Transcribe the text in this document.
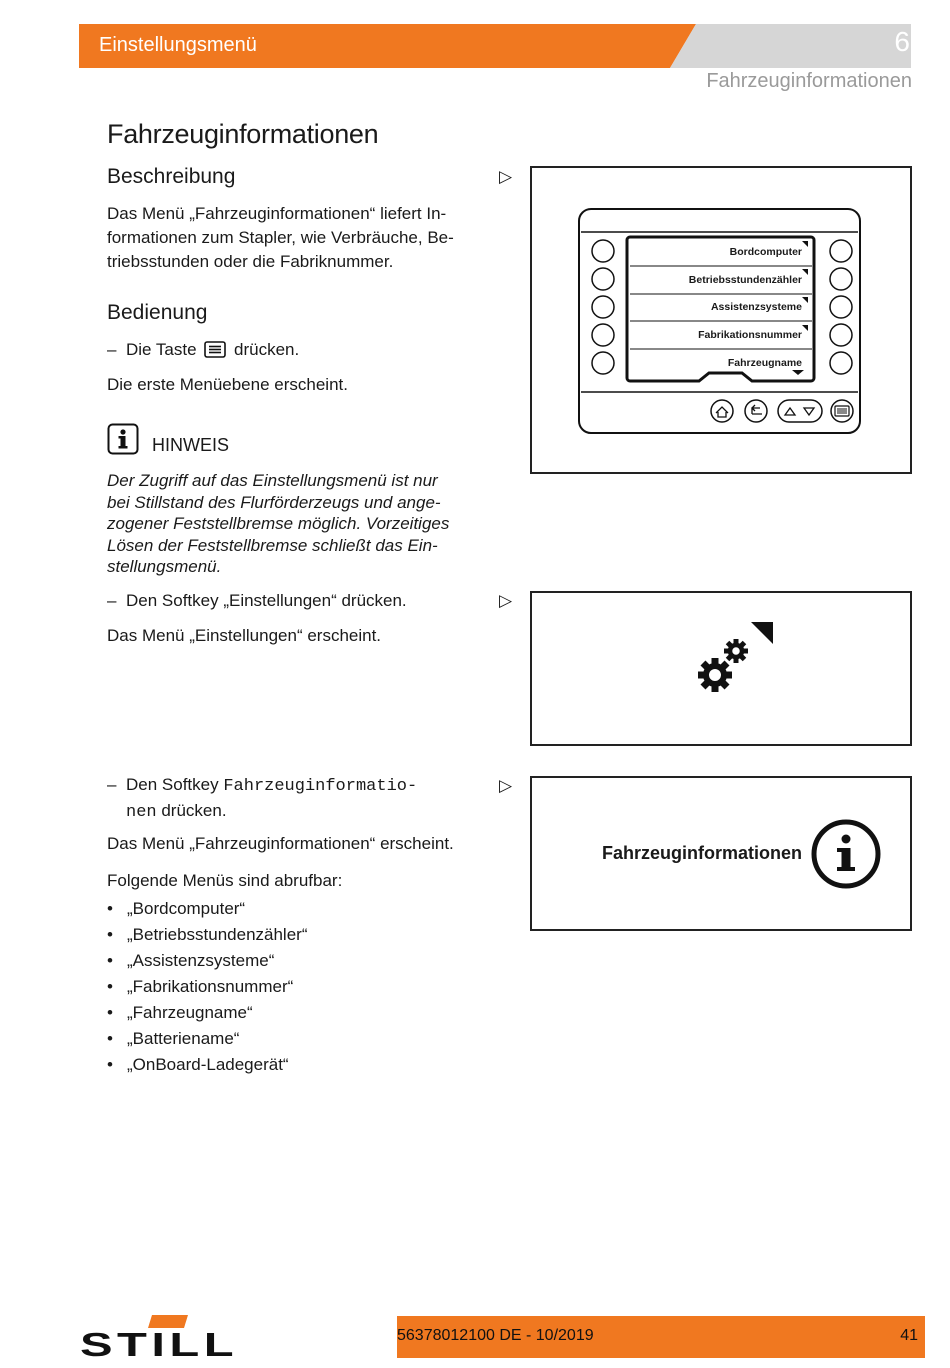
Einstellungsmenü	6
Fahrzeuginformationen
Fahrzeuginformationen
Beschreibung
Das Menü „Fahrzeuginformationen“ liefert In-
formationen zum Stapler, wie Verbräuche, Be-
triebsstunden oder die Fabriknummer.
Bedienung
– Die Taste drücken.
Die erste Menüebene erscheint.
HINWEIS
Der Zugriff auf das Einstellungsmenü ist nur
bei Stillstand des Flurförderzeugs und ange-
zogener Feststellbremse möglich. Vorzeitiges
Lösen der Feststellbremse schließt das Ein-
stellungsmenü.
– Den Softkey „Einstellungen“ drücken.
Das Menü „Einstellungen“ erscheint.
– Den Softkey Fahrzeuginformatio-
nen drücken.
Das Menü „Fahrzeuginformationen“ erscheint.
Folgende Menüs sind abrufbar:
• „Bordcomputer“
• „Betriebsstundenzähler“
• „Assistenzsysteme“
• „Fabrikationsnummer“
• „Fahrzeugname“
• „Batteriename“
• „OnBoard-Ladegerät“
▷
▷
▷
Bordcomputer
Betriebsstundenzähler
Assistenzsysteme
Fabrikationsnummer
Fahrzeugname
Fahrzeuginformationen
STILL	56378012100 DE - 10/2019	41
